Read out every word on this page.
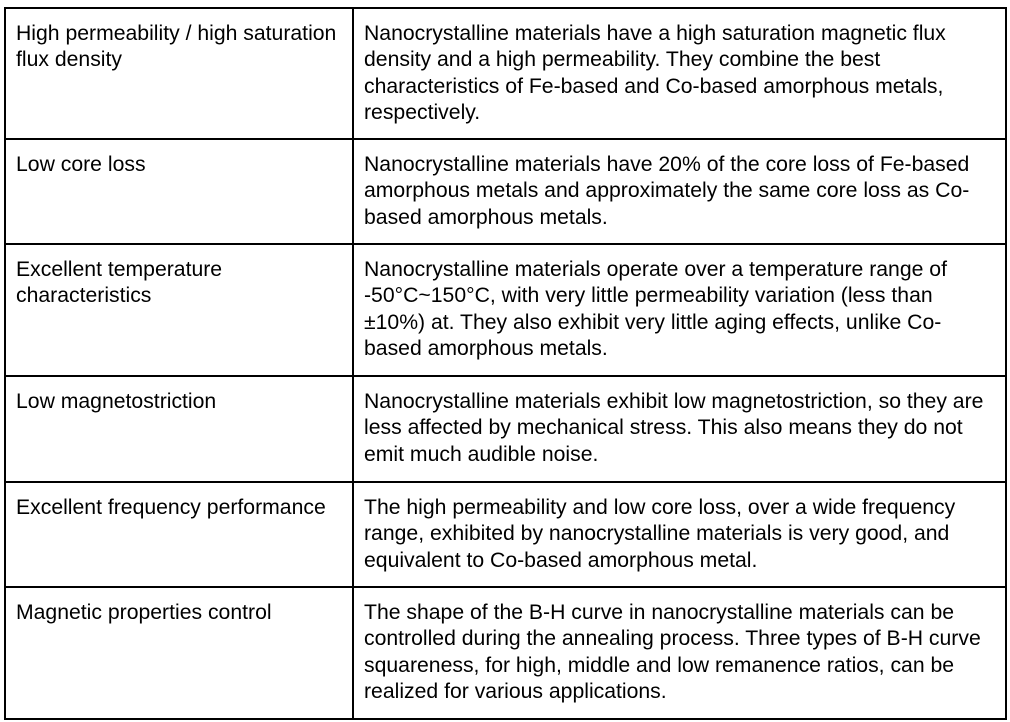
High permeability / high saturation flux density	Nanocrystalline materials have a high saturation magnetic flux density and a high permeability. They combine the best characteristics of Fe-based and Co-based amorphous metals, respectively.
Low core loss	Nanocrystalline materials have 20% of the core loss of Fe-based amorphous metals and approximately the same core loss as Co-based amorphous metals.
Excellent temperature characteristics	Nanocrystalline materials operate over a temperature range of -50°C~150°C, with very little permeability variation (less than ±10%) at. They also exhibit very little aging effects, unlike Co-based amorphous metals.
Low magnetostriction	Nanocrystalline materials exhibit low magnetostriction, so they are less affected by mechanical stress. This also means they do not emit much audible noise.
Excellent frequency performance	The high permeability and low core loss, over a wide frequency range, exhibited by nanocrystalline materials is very good, and equivalent to Co-based amorphous metal.
Magnetic properties control	The shape of the B-H curve in nanocrystalline materials can be controlled during the annealing process. Three types of B-H curve squareness, for high, middle and low remanence ratios, can be realized for various applications.
